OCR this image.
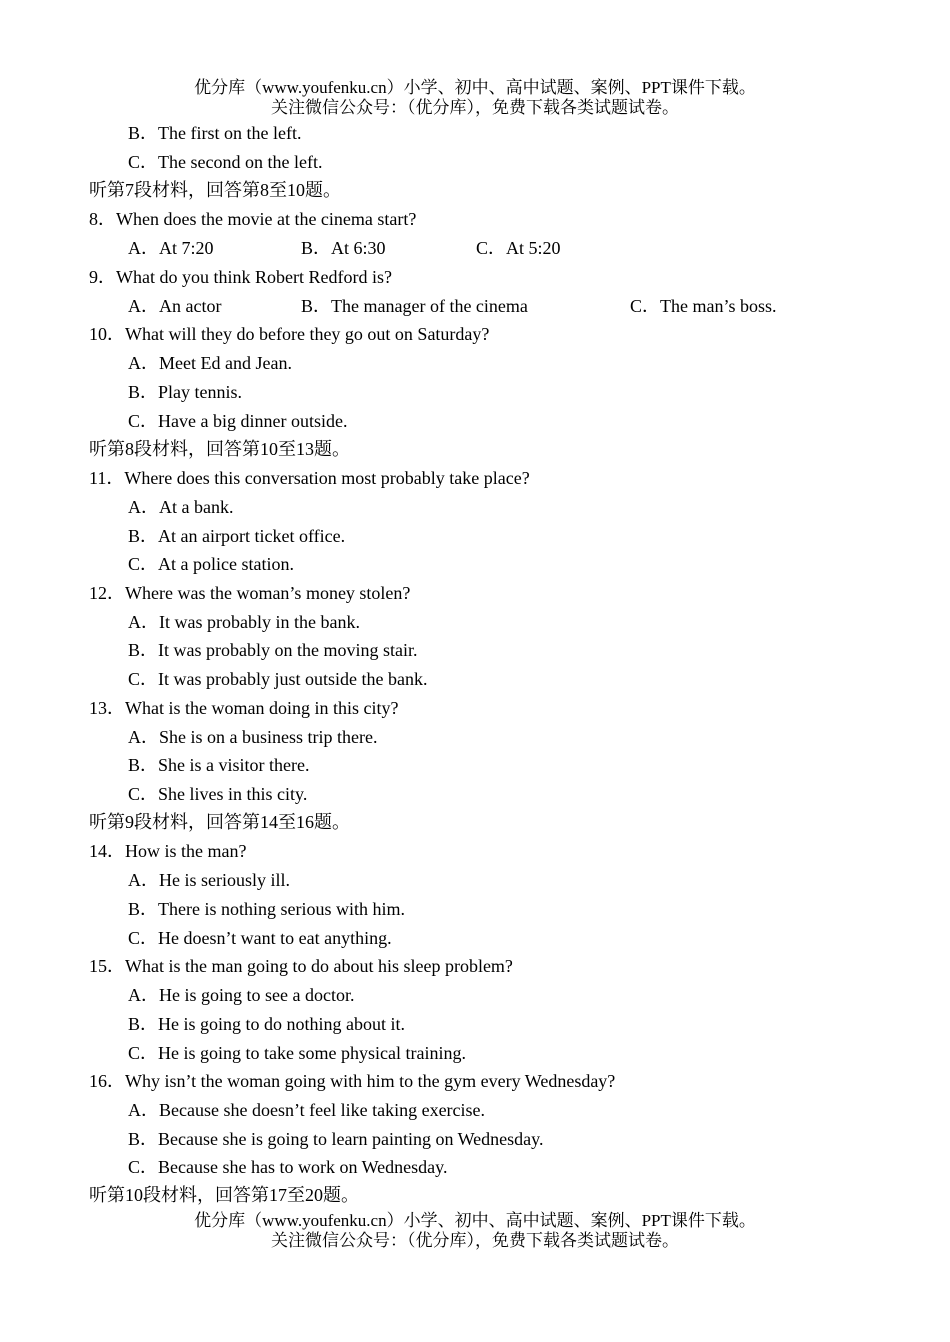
优分库（www.youfenku.cn）小学、初中、高中试题、案例、PPT课件下载。
关注微信公众号：（优分库），免费下载各类试题试卷。
B．The first on the left.
C．The second on the left.
听第7段材料，回答第8至10题。
8．When does the movie at the cinema start?
A．At 7:20	B．At 6:30	C．At 5:20
9．What do you think Robert Redford is?
A．An actor	B．The manager of the cinema	C．The man’s boss.
10．What will they do before they go out on Saturday?
A．Meet Ed and Jean.
B．Play tennis.
C．Have a big dinner outside.
听第8段材料，回答第10至13题。
11．Where does this conversation most probably take place?
A．At a bank.
B．At an airport ticket office.
C．At a police station.
12．Where was the woman’s money stolen?
A．It was probably in the bank.
B．It was probably on the moving stair.
C．It was probably just outside the bank.
13．What is the woman doing in this city?
A．She is on a business trip there.
B．She is a visitor there.
C．She lives in this city.
听第9段材料，回答第14至16题。
14．How is the man?
A．He is seriously ill.
B．There is nothing serious with him.
C．He doesn’t want to eat anything.
15．What is the man going to do about his sleep problem?
A．He is going to see a doctor.
B．He is going to do nothing about it.
C．He is going to take some physical training.
16．Why isn’t the woman going with him to the gym every Wednesday?
A．Because she doesn’t feel like taking exercise.
B．Because she is going to learn painting on Wednesday.
C．Because she has to work on Wednesday.
听第10段材料，回答第17至20题。
优分库（www.youfenku.cn）小学、初中、高中试题、案例、PPT课件下载。
关注微信公众号：（优分库），免费下载各类试题试卷。
